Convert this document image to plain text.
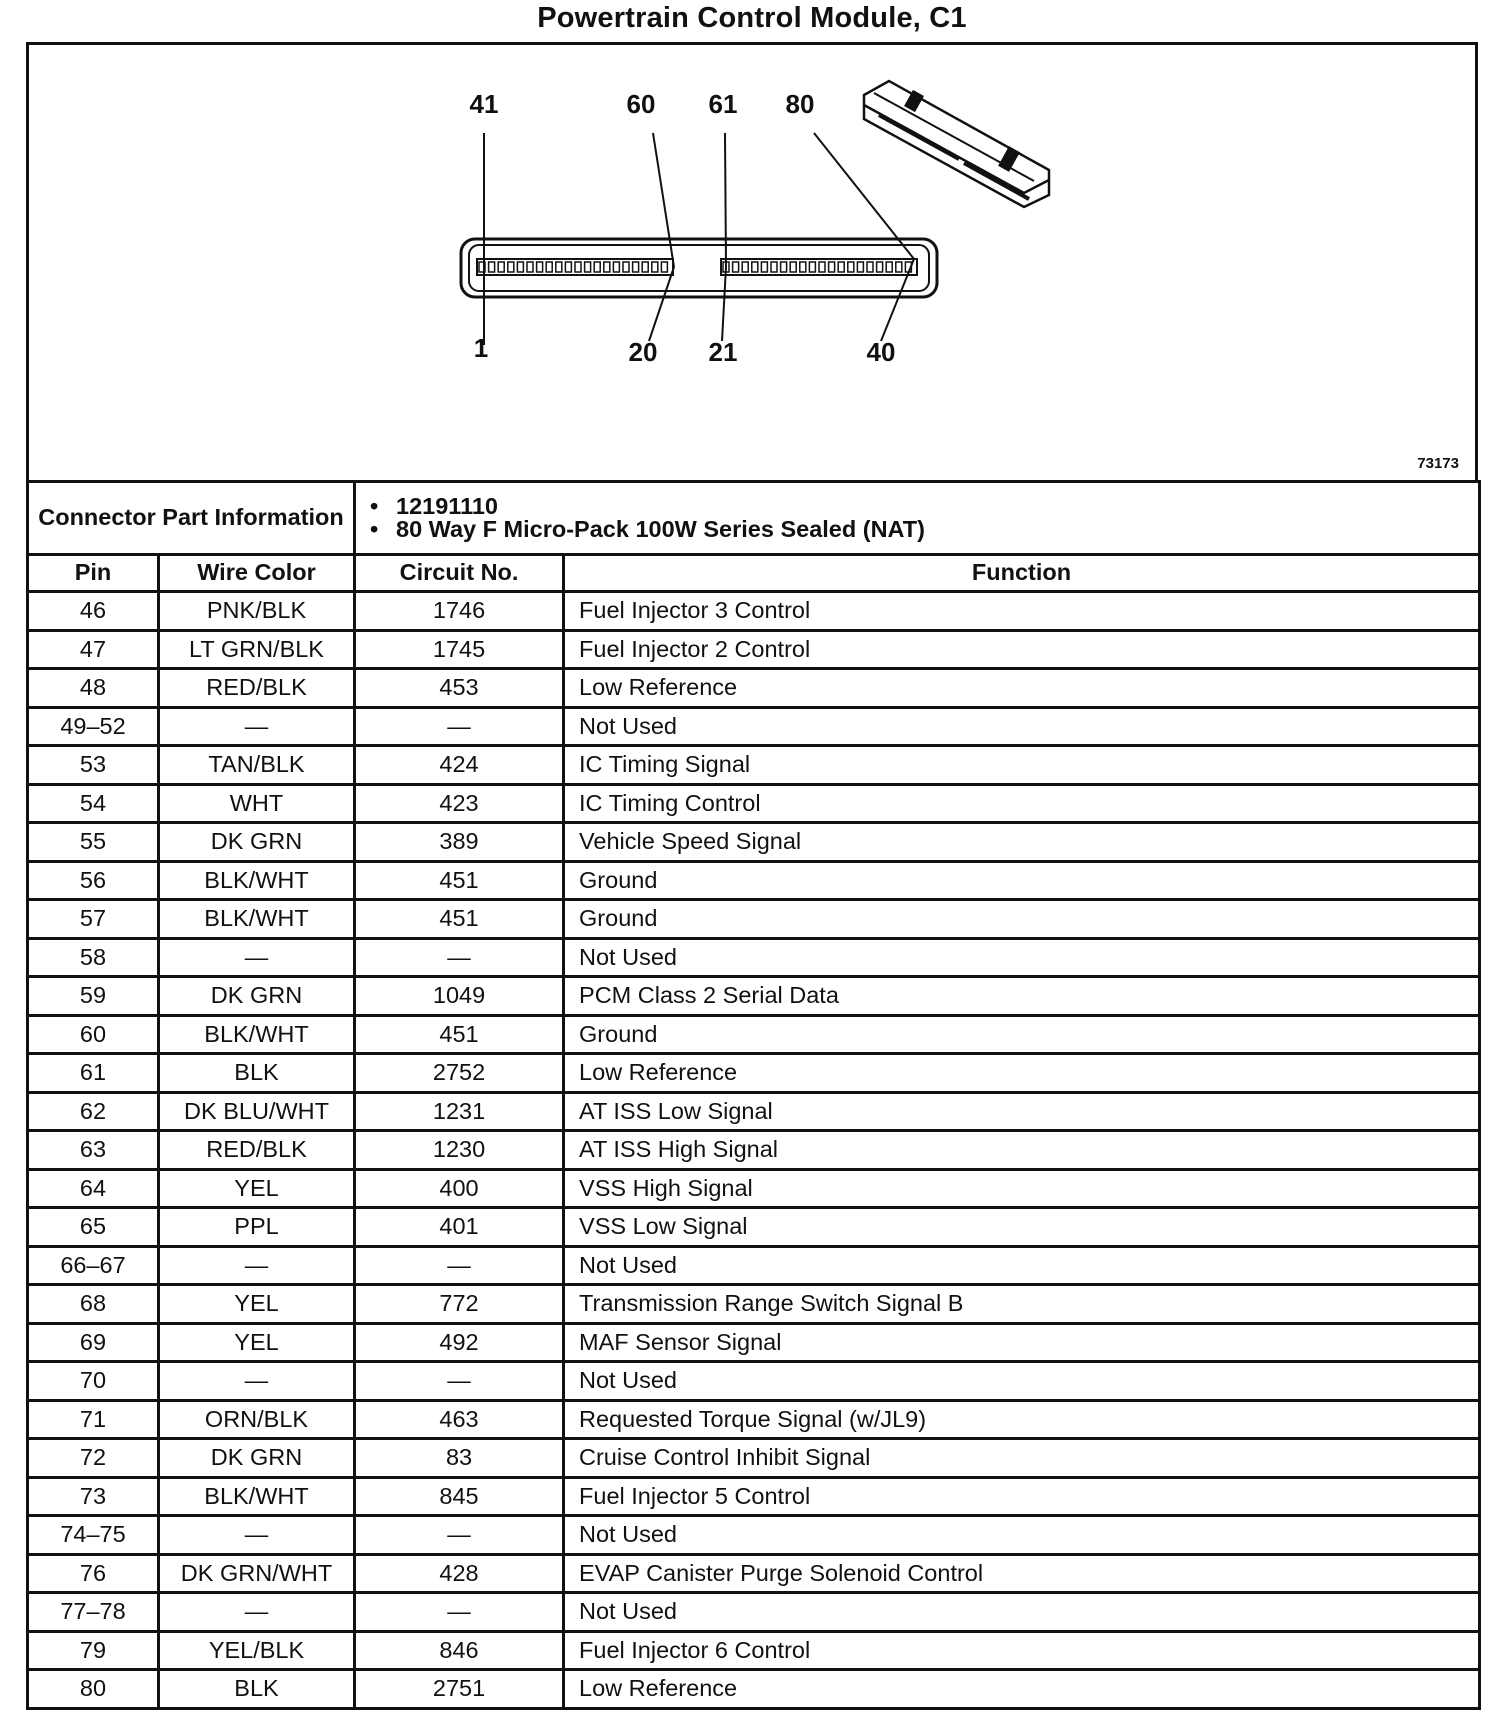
Powertrain Control Module, C1
41	60 61 80
1	20 21	40
73173
Connector Part Information		• 12191110
• 80 Way F Micro-Pack 100W Series Sealed (NAT)

Pin	Wire Color	Circuit No.	Function
46	PNK/BLK	1746	Fuel Injector 3 Control
47	LT GRN/BLK	1745	Fuel Injector 2 Control
48	RED/BLK	453	Low Reference
49–52	—	—	Not Used
53	TAN/BLK	424	IC Timing Signal
54	WHT	423	IC Timing Control
55	DK GRN	389	Vehicle Speed Signal
56	BLK/WHT	451	Ground
57	BLK/WHT	451	Ground
58	—	—	Not Used
59	DK GRN	1049	PCM Class 2 Serial Data
60	BLK/WHT	451	Ground
61	BLK	2752	Low Reference
62	DK BLU/WHT	1231	AT ISS Low Signal
63	RED/BLK	1230	AT ISS High Signal
64	YEL	400	VSS High Signal
65	PPL	401	VSS Low Signal
66–67	—	—	Not Used
68	YEL	772	Transmission Range Switch Signal B
69	YEL	492	MAF Sensor Signal
70	—	—	Not Used
71	ORN/BLK	463	Requested Torque Signal (w/JL9)
72	DK GRN	83	Cruise Control Inhibit Signal
73	BLK/WHT	845	Fuel Injector 5 Control
74–75	—	—	Not Used
76	DK GRN/WHT	428	EVAP Canister Purge Solenoid Control
77–78	—	—	Not Used
79	YEL/BLK	846	Fuel Injector 6 Control
80	BLK	2751	Low Reference
